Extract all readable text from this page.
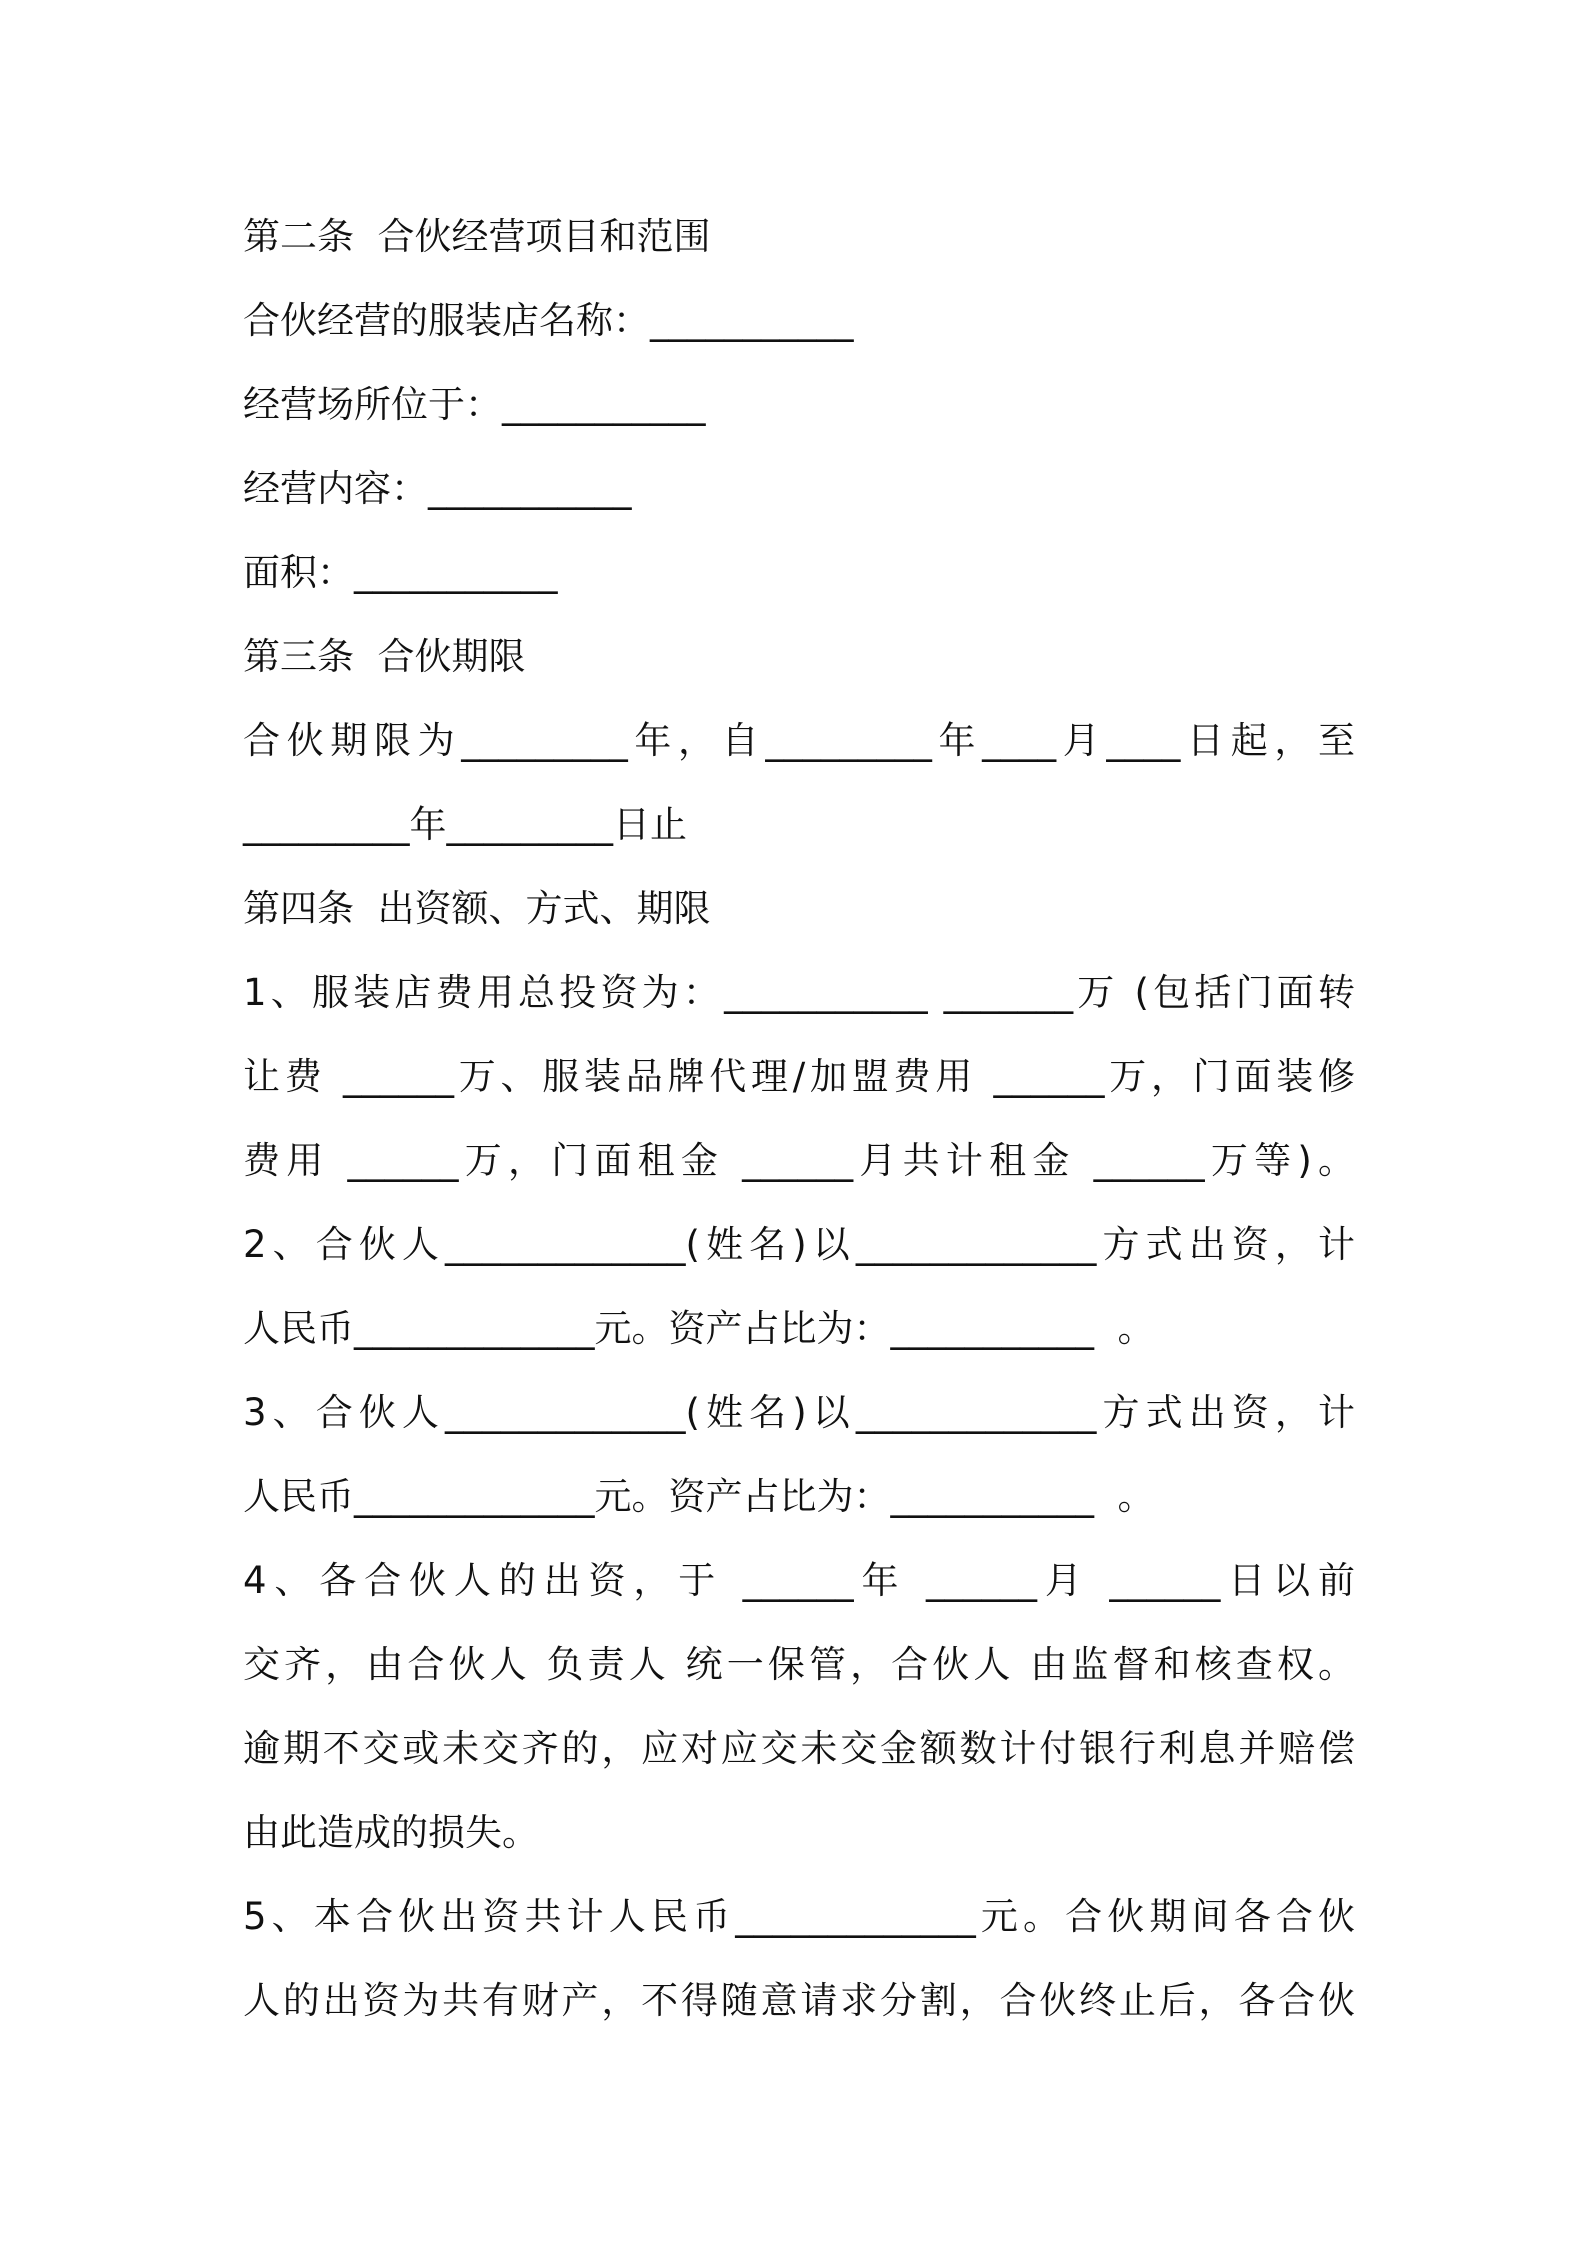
第二条  合伙经营项目和范围
合伙经营的服装店名称：___________
经营场所位于：___________
经营内容：___________
面积：___________
第三条  合伙期限
合伙期限为_________年，自_________年____月____日起，至
_________年_________日止
第四条  出资额、方式、期限
1、服装店费用总投资为：___________ _______万 (包括门面转
让费 ______万、服装品牌代理/加盟费用 ______万，门面装修
费用 ______万，门面租金 ______月共计租金 ______万等)。
2、合伙人_____________(姓名)以_____________方式出资，计
人民币_____________元。资产占比为：___________  。
3、合伙人_____________(姓名)以_____________方式出资，计
人民币_____________元。资产占比为：___________  。
4、各合伙人的出资，于 ______年 ______月 ______日以前
交齐，由合伙人 负责人 统一保管，合伙人 由监督和核查权。
逾期不交或未交齐的，应对应交未交金额数计付银行利息并赔偿
由此造成的损失。
5、本合伙出资共计人民币_____________元。合伙期间各合伙
人的出资为共有财产，不得随意请求分割，合伙终止后，各合伙
